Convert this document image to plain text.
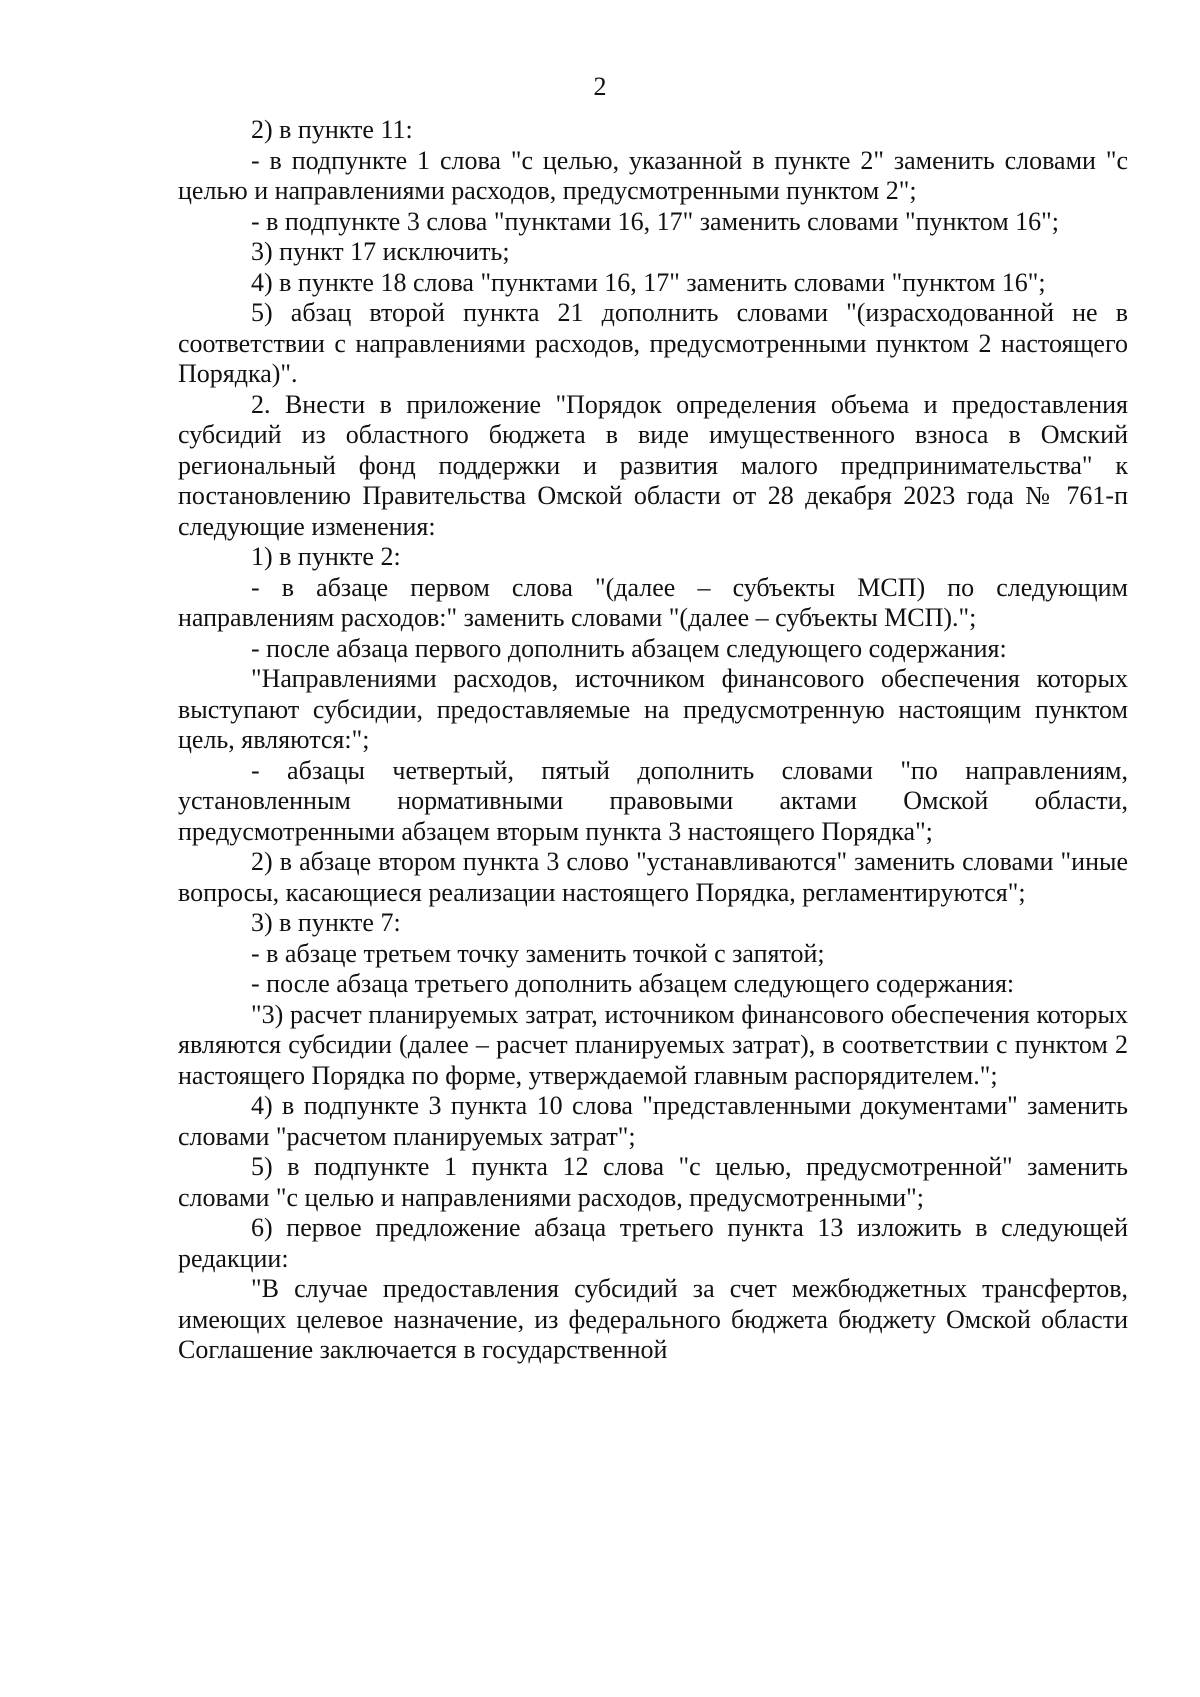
2

2) в пункте 11:

- в подпункте 1 слова "с целью, указанной в пункте 2" заменить словами "с целью и направлениями расходов, предусмотренными пунктом 2";

- в подпункте 3 слова "пунктами 16, 17" заменить словами "пунктом 16";

3) пункт 17 исключить;

4) в пункте 18 слова "пунктами 16, 17" заменить словами "пунктом 16";

5) абзац второй пункта 21 дополнить словами "(израсходованной не в соответствии с направлениями расходов, предусмотренными пунктом 2 настоящего Порядка)".

2. Внести в приложение "Порядок определения объема и предоставления субсидий из областного бюджета в виде имущественного взноса в Омский региональный фонд поддержки и развития малого предпринимательства" к постановлению Правительства Омской области от 28 декабря 2023 года № 761-п следующие изменения:

1) в пункте 2:

- в абзаце первом слова "(далее – субъекты МСП) по следующим направлениям расходов:" заменить словами "(далее – субъекты МСП).";

- после абзаца первого дополнить абзацем следующего содержания:

"Направлениями расходов, источником финансового обеспечения которых выступают субсидии, предоставляемые на предусмотренную настоящим пунктом цель, являются:";

- абзацы четвертый, пятый дополнить словами "по направлениям, установленным нормативными правовыми актами Омской области, предусмотренными абзацем вторым пункта 3 настоящего Порядка";

2) в абзаце втором пункта 3 слово "устанавливаются" заменить словами "иные вопросы, касающиеся реализации настоящего Порядка, регламентируются";

3) в пункте 7:

- в абзаце третьем точку заменить точкой с запятой;

- после абзаца третьего дополнить абзацем следующего содержания:

"3) расчет планируемых затрат, источником финансового обеспечения которых являются субсидии (далее – расчет планируемых затрат), в соответствии с пунктом 2 настоящего Порядка по форме, утверждаемой главным распорядителем.";

4) в подпункте 3 пункта 10 слова "представленными документами" заменить словами "расчетом планируемых затрат";

5) в подпункте 1 пункта 12 слова "с целью, предусмотренной" заменить словами "с целью и направлениями расходов, предусмотренными";

6) первое предложение абзаца третьего пункта 13 изложить в следующей редакции:

"В случае предоставления субсидий за счет межбюджетных трансфертов, имеющих целевое назначение, из федерального бюджета бюджету Омской области Соглашение заключается в государственной
